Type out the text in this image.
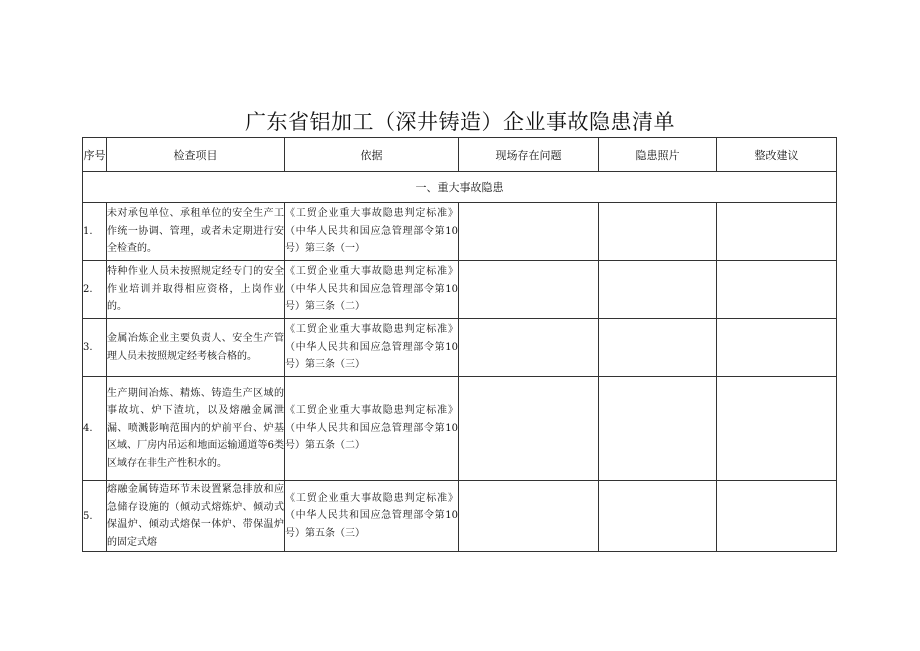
广东省铝加工（深井铸造）企业事故隐患清单
序号	检查项目	依据	现场存在问题	隐患照片	整改建议
一、重大事故隐患					
1.	未对承包单位、承租单位的安全生产工作统一协调、管理，或者未定期进行安全检查的。	《工贸企业重大事故隐患判定标准》（中华人民共和国应急管理部令第10号）第三条（一）			
2.	特种作业人员未按照规定经专门的安全作业培训并取得相应资格，上岗作业的。	《工贸企业重大事故隐患判定标准》（中华人民共和国应急管理部令第10号）第三条（二）			
3.	金属冶炼企业主要负责人、安全生产管理人员未按照规定经考核合格的。	《工贸企业重大事故隐患判定标准》（中华人民共和国应急管理部令第10号）第三条（三）			
4.	生产期间冶炼、精炼、铸造生产区域的事故坑、炉下渣坑，以及熔融金属泄漏、喷溅影响范围内的炉前平台、炉基区域、厂房内吊运和地面运输通道等6类区域存在非生产性积水的。	《工贸企业重大事故隐患判定标准》（中华人民共和国应急管理部令第10号）第五条（二）			
5.	熔融金属铸造环节未设置紧急排放和应急储存设施的（倾动式熔炼炉、倾动式保温炉、倾动式熔保一体炉、带保温炉的固定式熔	《工贸企业重大事故隐患判定标准》（中华人民共和国应急管理部令第10号）第五条（三）			
